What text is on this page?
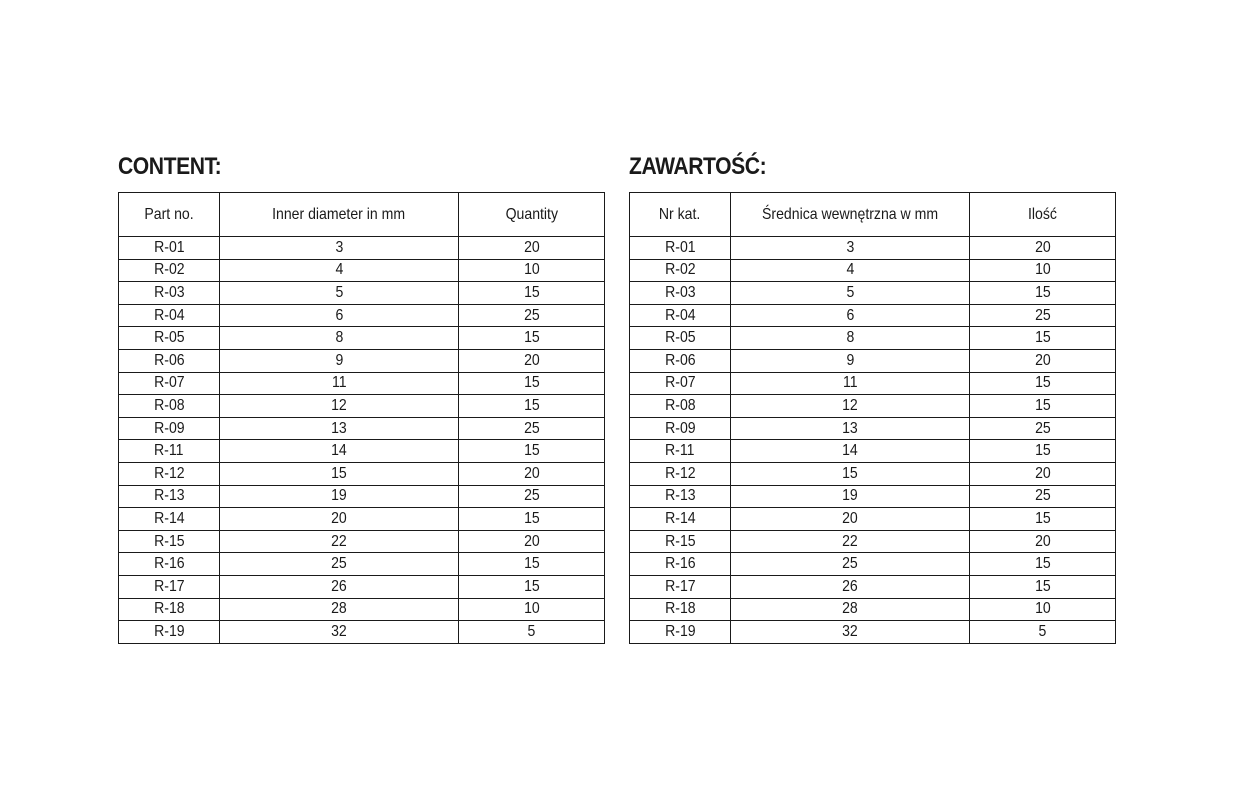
CONTENT:
Part no.	Inner diameter in mm	Quantity
R-01	3	20
R-02	4	10
R-03	5	15
R-04	6	25
R-05	8	15
R-06	9	20
R-07	11	15
R-08	12	15
R-09	13	25
R-11	14	15
R-12	15	20
R-13	19	25
R-14	20	15
R-15	22	20
R-16	25	15
R-17	26	15
R-18	28	10
R-19	32	5
ZAWARTOŚĆ:
Nr kat.	Średnica wewnętrzna w mm	Ilość
R-01	3	20
R-02	4	10
R-03	5	15
R-04	6	25
R-05	8	15
R-06	9	20
R-07	11	15
R-08	12	15
R-09	13	25
R-11	14	15
R-12	15	20
R-13	19	25
R-14	20	15
R-15	22	20
R-16	25	15
R-17	26	15
R-18	28	10
R-19	32	5
